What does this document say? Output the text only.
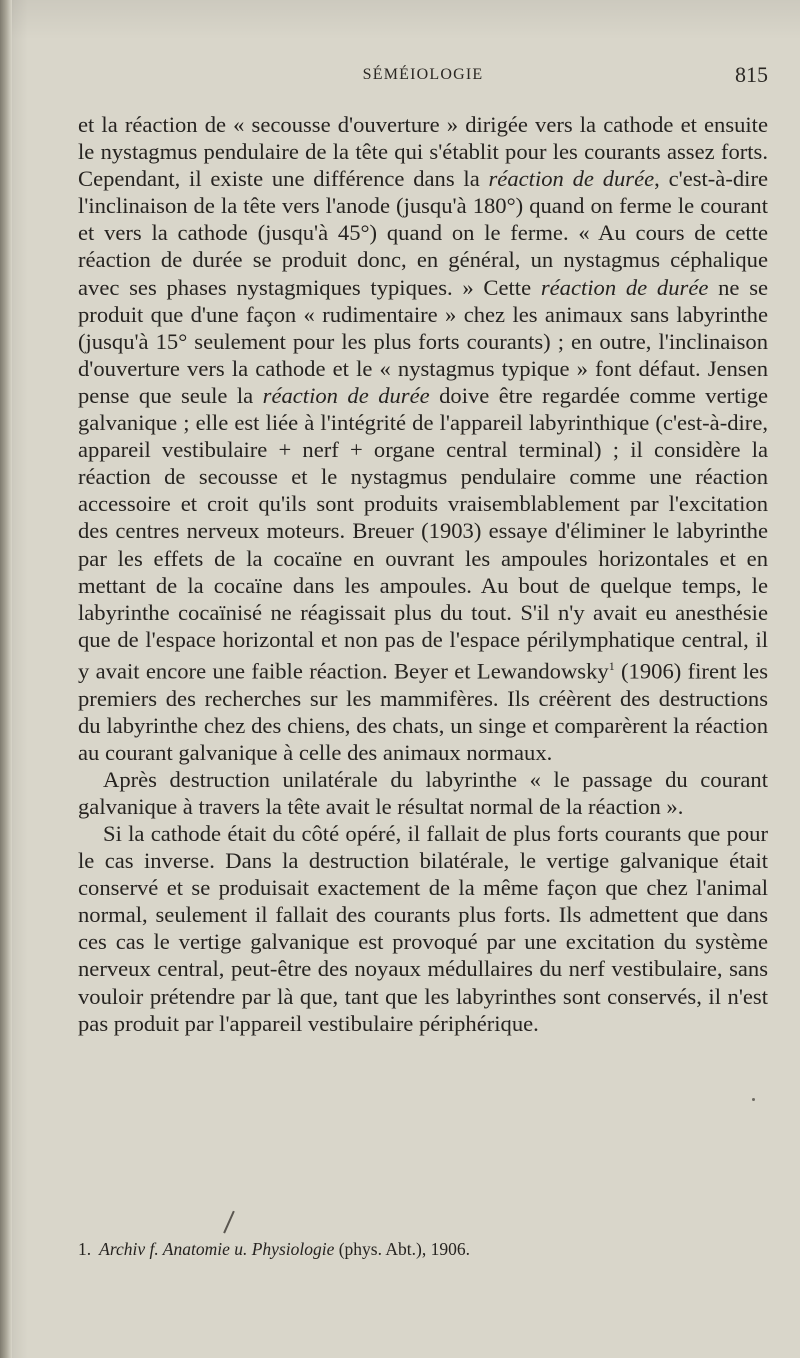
SÉMÉIOLOGIE	815

et la réaction de « secousse d'ouverture » dirigée vers la cathode et ensuite le nystagmus pendulaire de la tête qui s'établit pour les courants assez forts. Cependant, il existe une différence dans la réaction de durée, c'est-à-dire l'inclinaison de la tête vers l'anode (jusqu'à 180°) quand on ferme le courant et vers la cathode (jusqu'à 45°) quand on le ferme. « Au cours de cette réaction de durée se produit donc, en général, un nystagmus céphalique avec ses phases nystagmiques typiques. » Cette réaction de durée ne se produit que d'une façon « rudimentaire » chez les animaux sans labyrinthe (jusqu'à 15° seulement pour les plus forts courants) ; en outre, l'inclinaison d'ouverture vers la cathode et le « nystagmus typique » font défaut. Jensen pense que seule la réaction de durée doive être regardée comme vertige galvanique ; elle est liée à l'intégrité de l'appareil labyrinthique (c'est-à-dire, appareil vestibulaire + nerf + organe central terminal) ; il considère la réaction de secousse et le nystagmus pendulaire comme une réaction accessoire et croit qu'ils sont produits vraisemblablement par l'excitation des centres nerveux moteurs. Breuer (1903) essaye d'éliminer le labyrinthe par les effets de la cocaïne en ouvrant les ampoules horizontales et en mettant de la cocaïne dans les ampoules. Au bout de quelque temps, le labyrinthe cocaïnisé ne réagissait plus du tout. S'il n'y avait eu anesthésie que de l'espace horizontal et non pas de l'espace périlymphatique central, il y avait encore une faible réaction. Beyer et Lewandowsky$^1$ (1906) firent les premiers des recherches sur les mammifères. Ils créèrent des destructions du labyrinthe chez des chiens, des chats, un singe et comparèrent la réaction au courant galvanique à celle des animaux normaux.

Après destruction unilatérale du labyrinthe « le passage du courant galvanique à travers la tête avait le résultat normal de la réaction ».

Si la cathode était du côté opéré, il fallait de plus forts courants que pour le cas inverse. Dans la destruction bilatérale, le vertige galvanique était conservé et se produisait exactement de la même façon que chez l'animal normal, seulement il fallait des courants plus forts. Ils admettent que dans ces cas le vertige galvanique est provoqué par une excitation du système nerveux central, peut-être des noyaux médullaires du nerf vestibulaire, sans vouloir prétendre par là que, tant que les labyrinthes sont conservés, il n'est pas produit par l'appareil vestibulaire périphérique.

1. Archiv f. Anatomie u. Physiologie (phys. Abt.), 1906.
